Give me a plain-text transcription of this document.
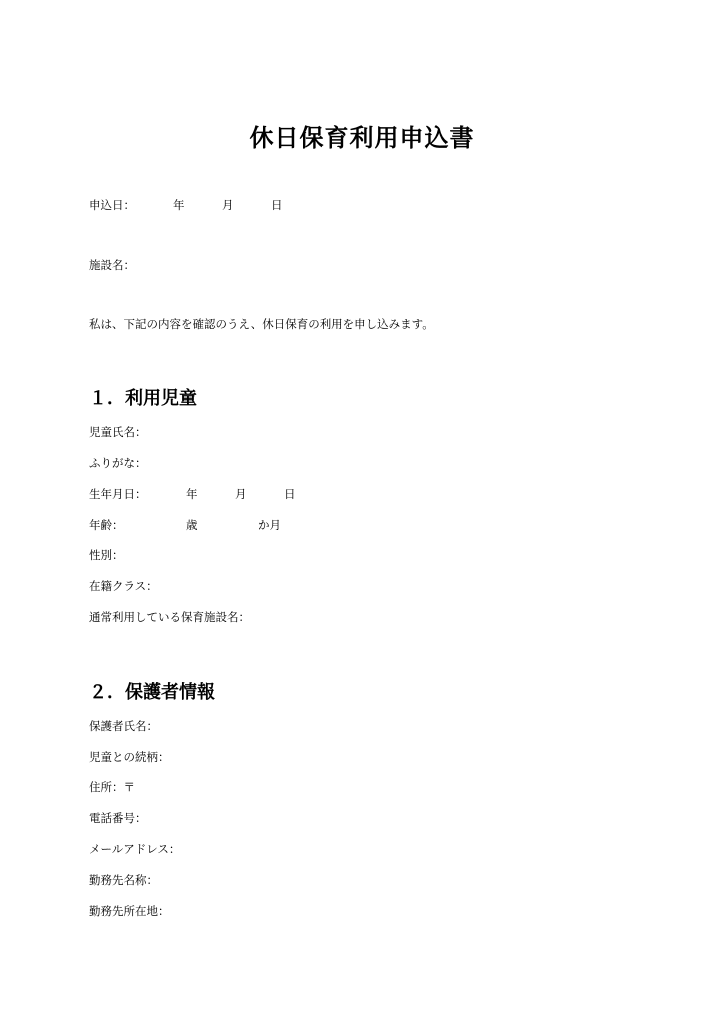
休日保育利用申込書
申込日：	年	月	日
施設名：
私は、下記の内容を確認のうえ、休日保育の利用を申し込みます。
１．利用児童
児童氏名：
ふりがな：
生年月日：	年	月	日
年齢：	歳	か月
性別：
在籍クラス：
通常利用している保育施設名：
２．保護者情報
保護者氏名：
児童との続柄：
住所：〒
電話番号：
メールアドレス：
勤務先名称：
勤務先所在地：
